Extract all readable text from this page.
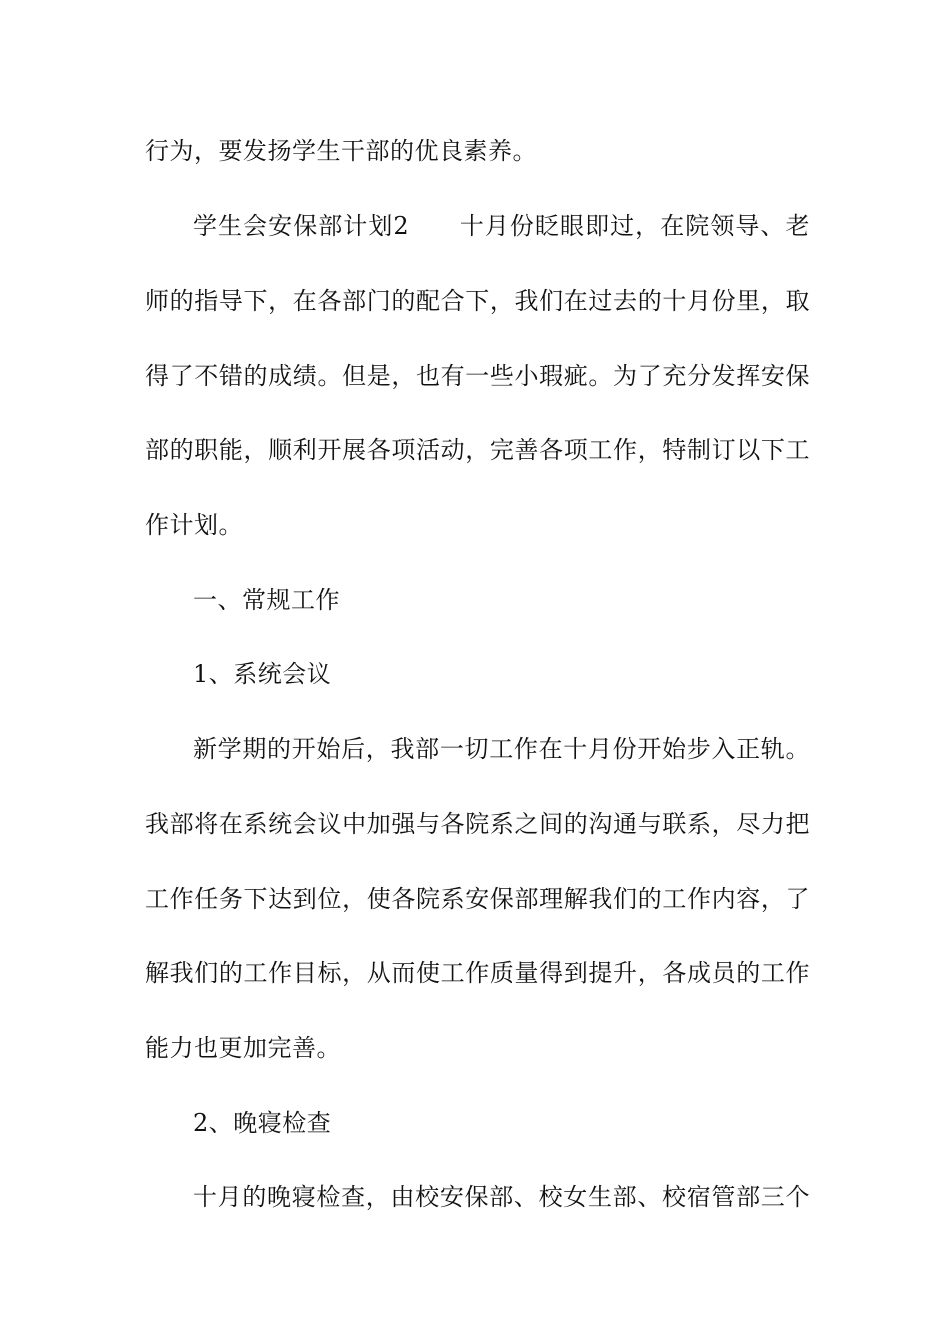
行为，要发扬学生干部的优良素养。
学生会安保部计划2　　十月份眨眼即过，在院领导、老
师的指导下，在各部门的配合下，我们在过去的十月份里，取
得了不错的成绩。但是，也有一些小瑕疵。为了充分发挥安保
部的职能，顺利开展各项活动，完善各项工作，特制订以下工
作计划。
一、常规工作
1、系统会议
新学期的开始后，我部一切工作在十月份开始步入正轨。
我部将在系统会议中加强与各院系之间的沟通与联系，尽力把
工作任务下达到位，使各院系安保部理解我们的工作内容，了
解我们的工作目标，从而使工作质量得到提升，各成员的工作
能力也更加完善。
2、晚寝检查
十月的晚寝检查，由校安保部、校女生部、校宿管部三个
